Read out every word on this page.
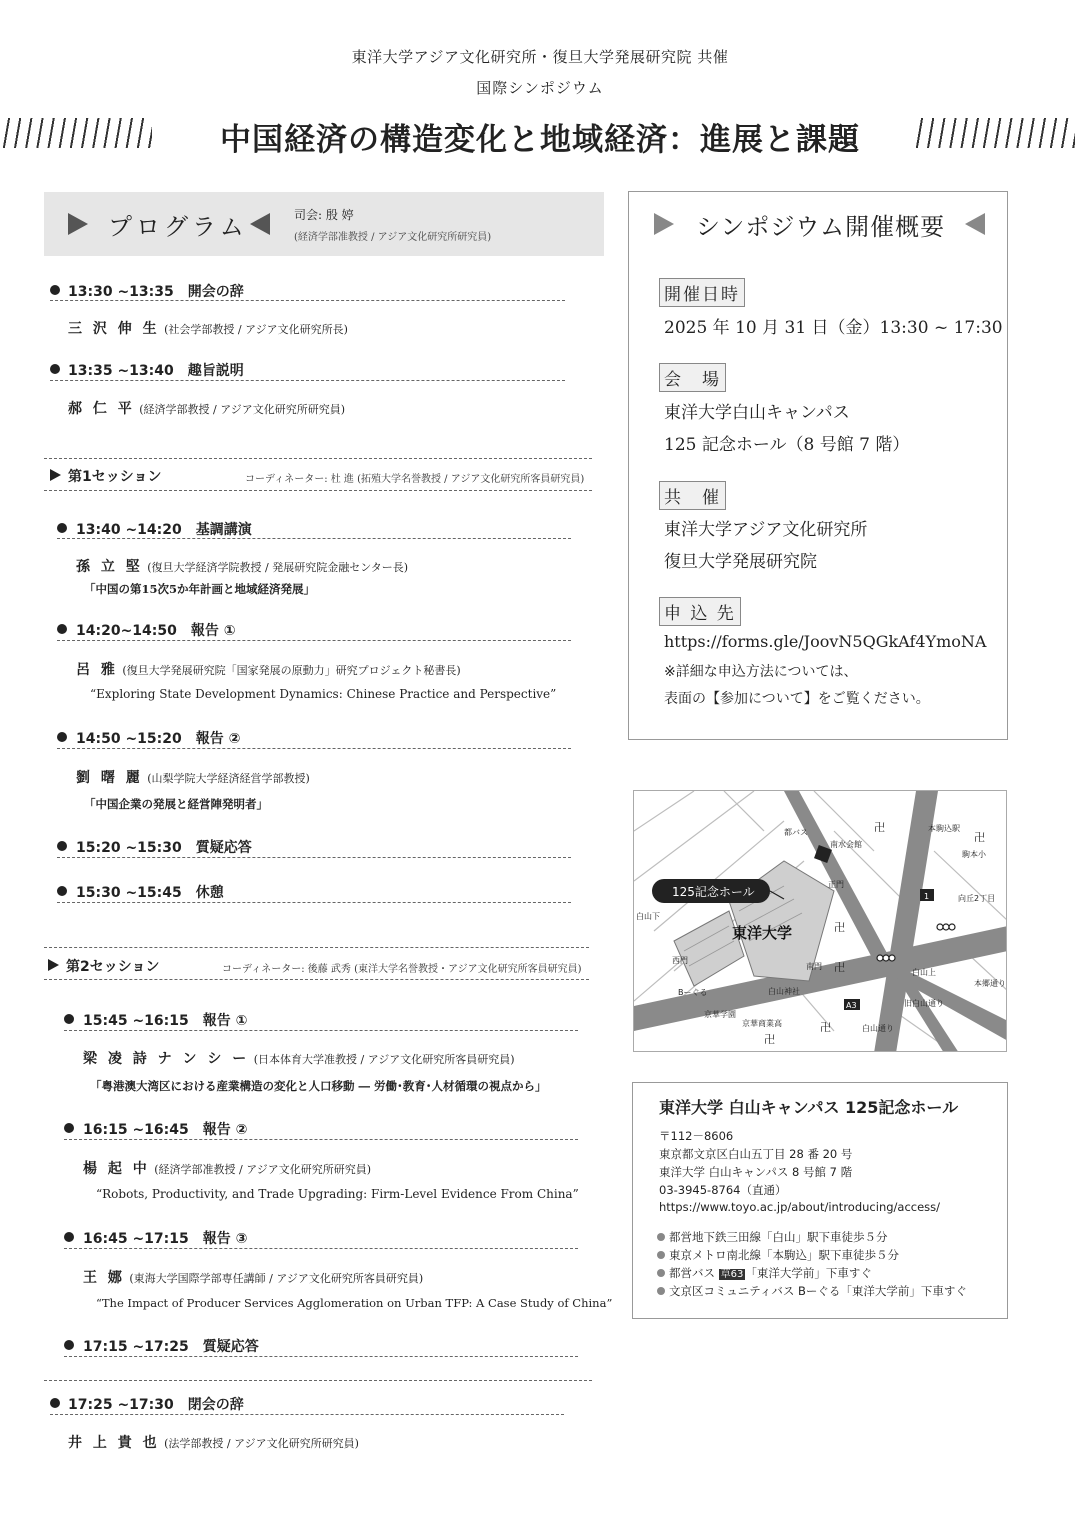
東洋大学アジア文化研究所・復旦大学発展研究院 共催
国際シンポジウム
中国経済の構造変化と地域経済：進展と課題
プログラム	司会: 殷 婷
(経済学部准教授 / アジア文化研究所研究員)
13:30 ~13:35 開会の辞
三 沢 伸 生 (社会学部教授 / アジア文化研究所長)
13:35 ~13:40 趣旨説明
郝 仁 平 (経済学部教授 / アジア文化研究所研究員)
第1セッション	コーディネーター: 杜 進 (拓殖大学名誉教授 / アジア文化研究所客員研究員)
13:40 ~14:20 基調講演
孫 立 堅 (復旦大学経済学院教授 / 発展研究院金融センター長)
「中国の第15次5か年計画と地域経済発展」
14:20~14:50 報告 ①
呂 雅 (復旦大学発展研究院「国家発展の原動力」研究プロジェクト秘書長)
“Exploring State Development Dynamics: Chinese Practice and Perspective”
14:50 ~15:20 報告 ②
劉 曙 麗 (山梨学院大学経済経営学部教授)
「中国企業の発展と経営陣発明者」
15:20 ~15:30 質疑応答
15:30 ~15:45 休憩
第2セッション	コーディネーター: 後藤 武秀 (東洋大学名誉教授・アジア文化研究所客員研究員)
15:45 ~16:15 報告 ①
梁 凌 詩 ナ ン シ ー (日本体育大学准教授 / アジア文化研究所客員研究員)
「粤港澳大湾区における産業構造の変化と人口移動 ― 労働･教育･人材循環の視点から」
16:15 ~16:45 報告 ②
楊 起 中 (経済学部准教授 / アジア文化研究所研究員)
“Robots, Productivity, and Trade Upgrading: Firm-Level Evidence From China”
16:45 ~17:15 報告 ③
王 娜 (東海大学国際学部専任講師 / アジア文化研究所客員研究員)
“The Impact of Producer Services Agglomeration on Urban TFP: A Case Study of China”
17:15 ~17:25 質疑応答
17:25 ~17:30 閉会の辞
井 上 貴 也 (法学部教授 / アジア文化研究所研究員)
シンポジウム開催概要
開催日時
2025 年 10 月 31 日（金）13:30 ~ 17:30
会　場
東洋大学白山キャンパス
125 記念ホール（8 号館 7 階）
共　催
東洋大学アジア文化研究所
復旦大学発展研究院
申 込 先
https://forms.gle/JoovN5QGkAf4YmoNA
※詳細な申込方法については、
表面の【参加について】をご覧ください。
1
A3
125記念ホール
東洋大学
都バス
南水会館
正門
西門
南門
白山神社
Bーぐる
京華学園
京華商業高
白山上
向丘2丁目
駒本小
本郷通り
旧白山通り
白山通り
白山下
本駒込駅
卍
卍
卍
卍
卍
卍
東洋大学 白山キャンパス 125記念ホール
〒112－8606
東京都文京区白山五丁目 28 番 20 号
東洋大学 白山キャンパス 8 号館 7 階
03-3945-8764（直通）
https://www.toyo.ac.jp/about/introducing/access/
都営地下鉄三田線「白山」駅下車徒歩５分
東京メトロ南北線「本駒込」駅下車徒歩５分
都営バス 草63 「東洋大学前」下車すぐ
文京区コミュニティバス Bーぐる「東洋大学前」下車すぐ
